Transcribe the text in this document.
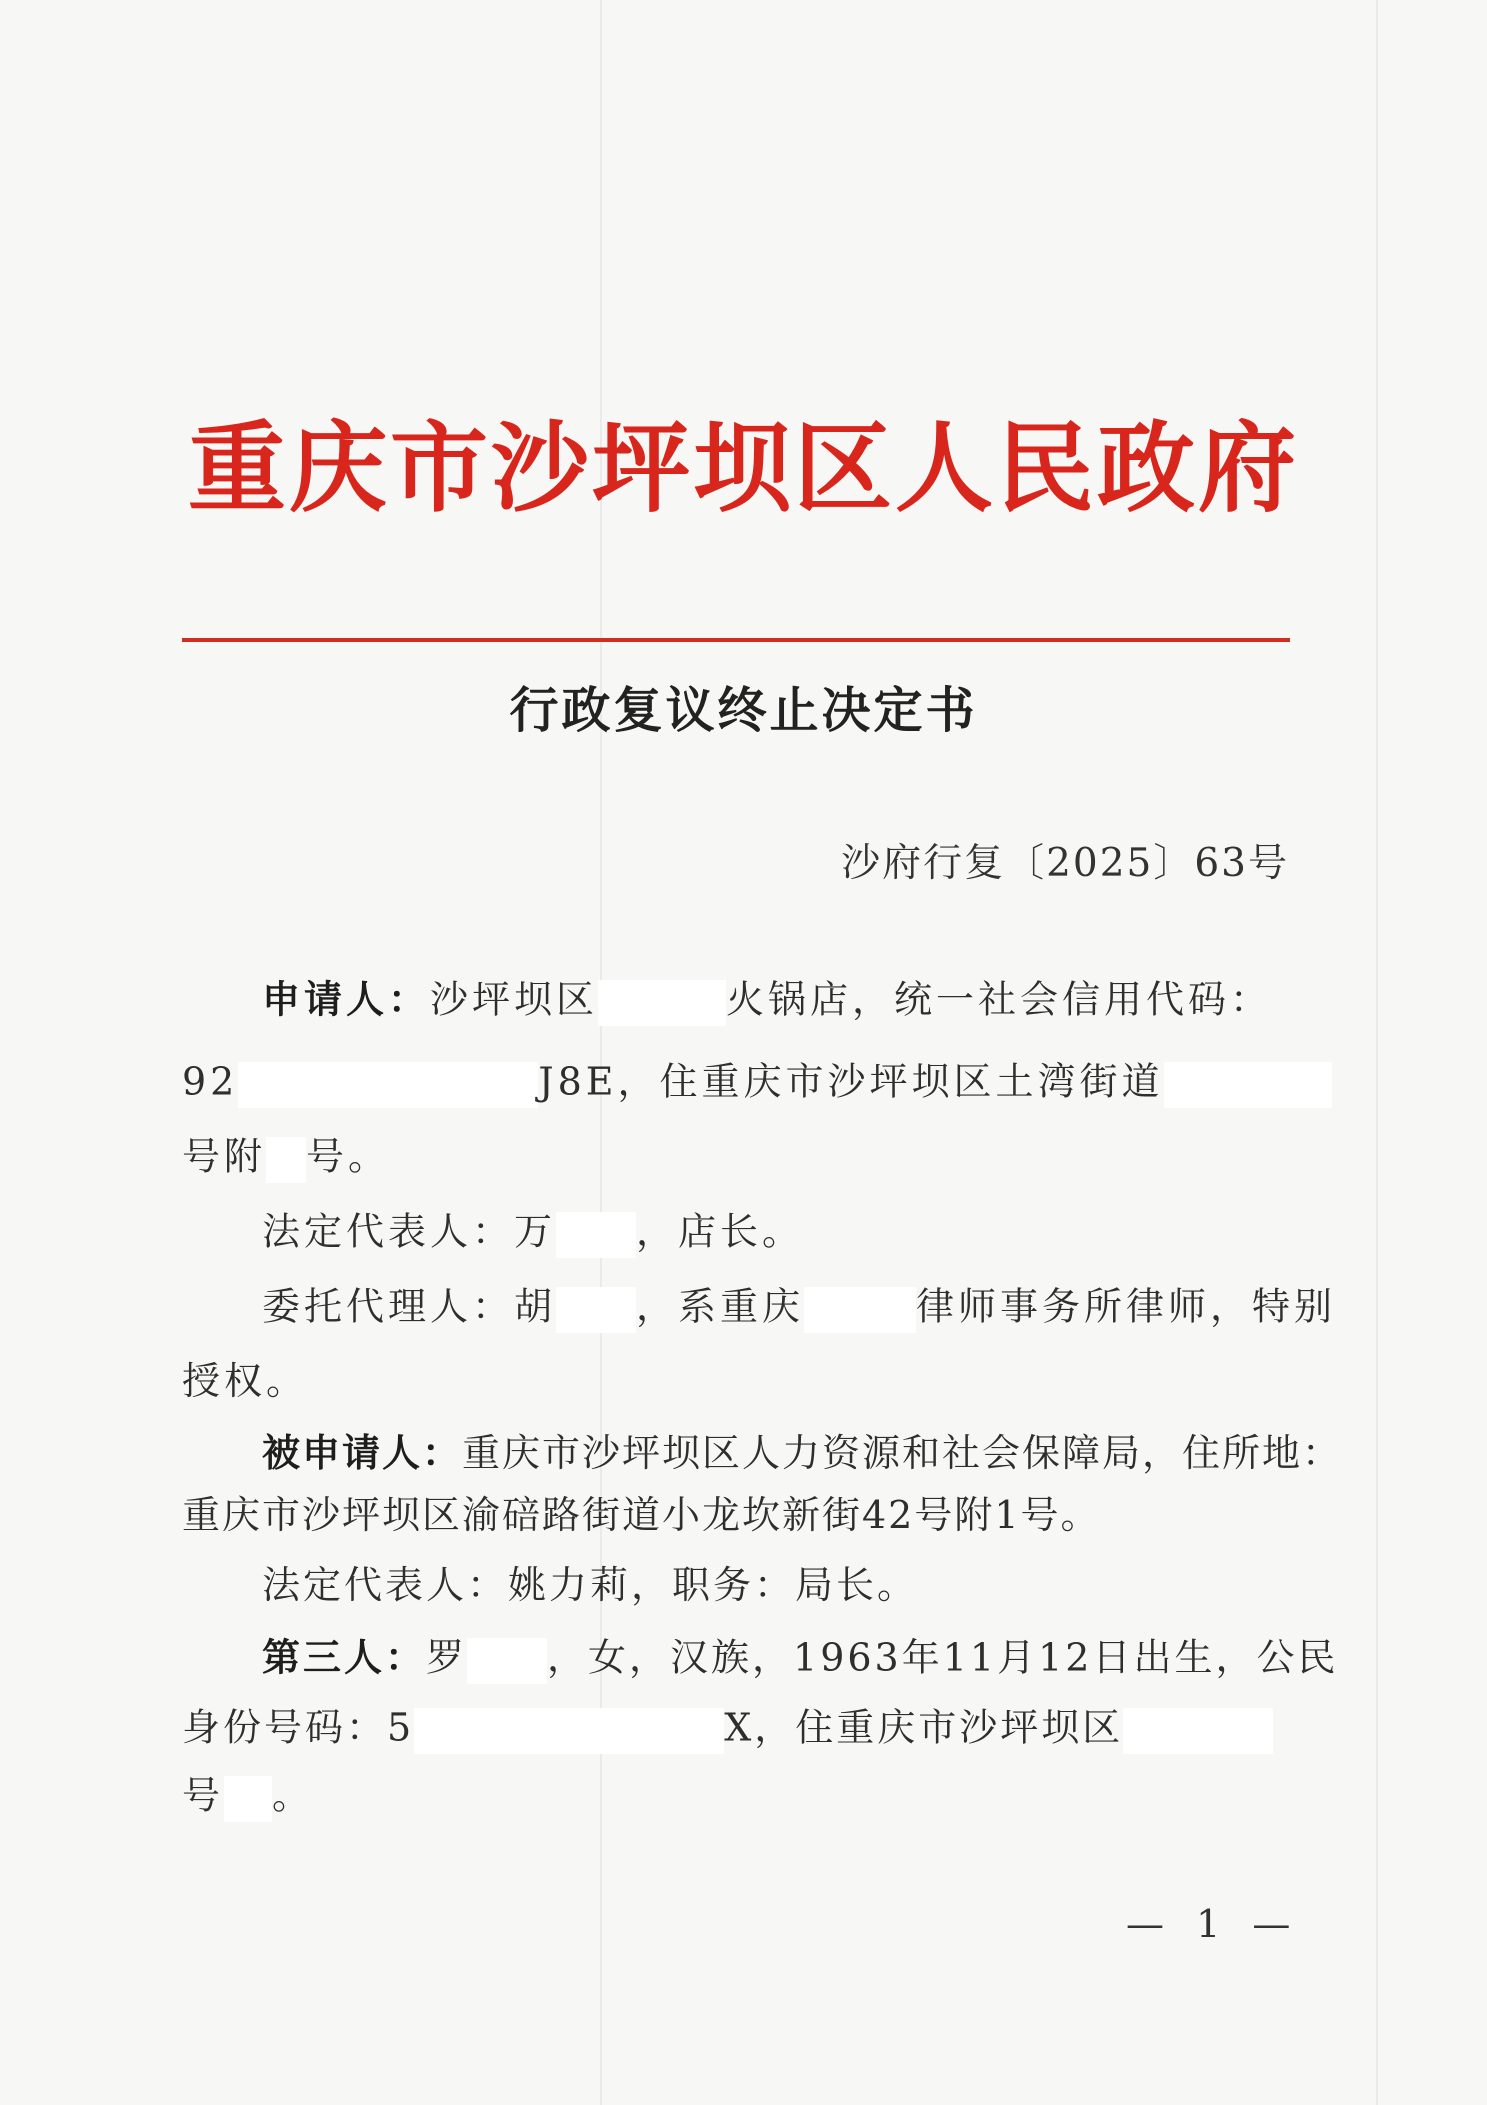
重庆市沙坪坝区人民政府
行政复议终止决定书
沙府行复〔2025〕63号
申请人：沙坪坝区	火锅店，统一社会信用代码：
92	J8E，住重庆市沙坪坝区土湾街道
号附 号。
法定代表人：万 ，店长。
委托代理人：胡 ，系重庆	律师事务所律师，特别
授权。
被申请人：重庆市沙坪坝区人力资源和社会保障局，住所地：
重庆市沙坪坝区渝碚路街道小龙坎新街42号附1号。
法定代表人：姚力莉，职务：局长。
第三人：罗 ，女，汉族，1963年11月12日出生，公民
身份号码：5	X，住重庆市沙坪坝区
号 。
— 1 —
